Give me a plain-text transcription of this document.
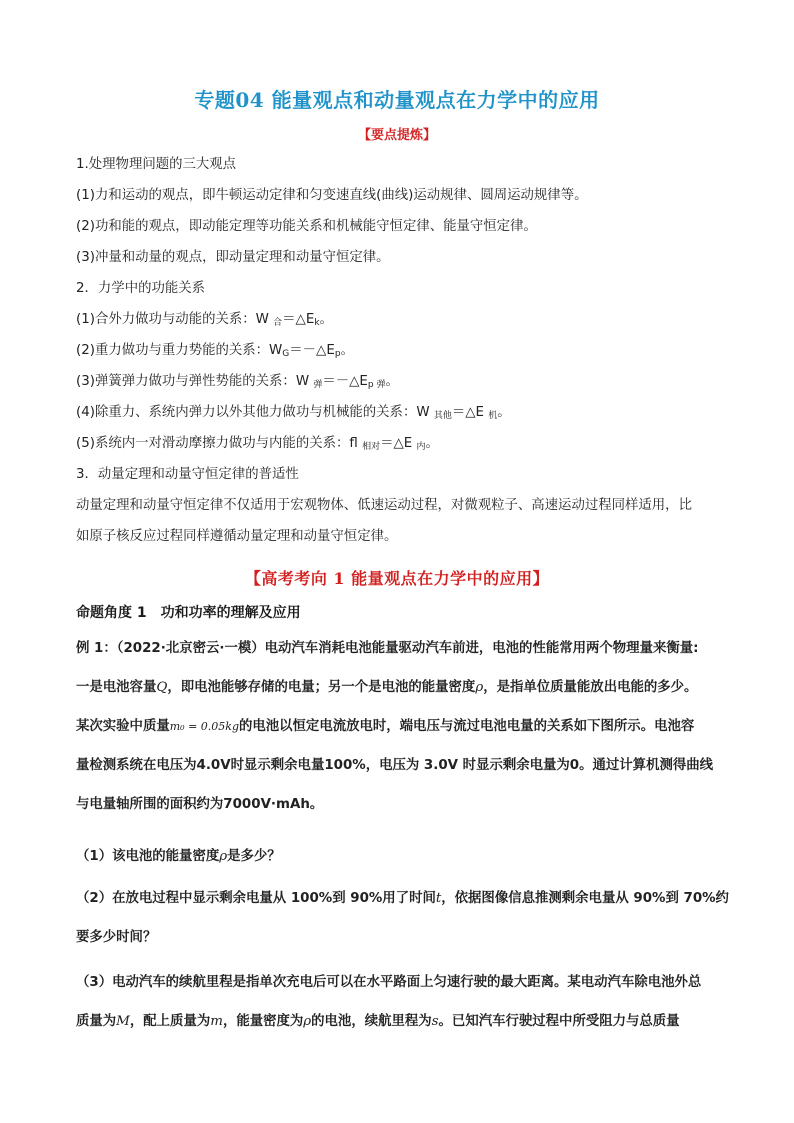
专题04 能量观点和动量观点在力学中的应用
【要点提炼】
1.处理物理问题的三大观点
(1)力和运动的观点，即牛顿运动定律和匀变速直线(曲线)运动规律、圆周运动规律等。
(2)功和能的观点，即动能定理等功能关系和机械能守恒定律、能量守恒定律。
(3)冲量和动量的观点，即动量定理和动量守恒定律。
2．力学中的功能关系
(1)合外力做功与动能的关系：W $_合=\triangle E_k$。
(2)重力做功与重力势能的关系：$W_G=-\triangle E_p$。
(3)弹簧弹力做功与弹性势能的关系：W $_弹=-\triangle E_{p 弹}$。
(4)除重力、系统内弹力以外其他力做功与机械能的关系：W $_{其他}$＝△E $_机$。
(5)系统内一对滑动摩擦力做功与内能的关系：fl $_{相对}$＝△E $_内$。
3．动量定理和动量守恒定律的普适性
动量定理和动量守恒定律不仅适用于宏观物体、低速运动过程，对微观粒子、高速运动过程同样适用，比
如原子核反应过程同样遵循动量定理和动量守恒定律。
【高考考向 1 能量观点在力学中的应用】
命题角度 1 功和功率的理解及应用
例 1：（2022·北京密云·一模）电动汽车消耗电池能量驱动汽车前进，电池的性能常用两个物理量来衡量:
一是电池容量Q，即电池能够存储的电量；另一个是电池的能量密度ρ，是指单位质量能放出电能的多少。
某次实验中质量m₀ = 0.05kg的电池以恒定电流放电时，端电压与流过电池电量的关系如下图所示。电池容
量检测系统在电压为4.0V时显示剩余电量100%，电压为 3.0V 时显示剩余电量为0。通过计算机测得曲线
与电量轴所围的面积约为7000V·mAh。
（1）该电池的能量密度ρ是多少？
（2）在放电过程中显示剩余电量从 100%到 90%用了时间t，依据图像信息推测剩余电量从 90%到 70%约
要多少时间？
（3）电动汽车的续航里程是指单次充电后可以在水平路面上匀速行驶的最大距离。某电动汽车除电池外总
质量为M，配上质量为m，能量密度为ρ的电池，续航里程为s。已知汽车行驶过程中所受阻力与总质量
